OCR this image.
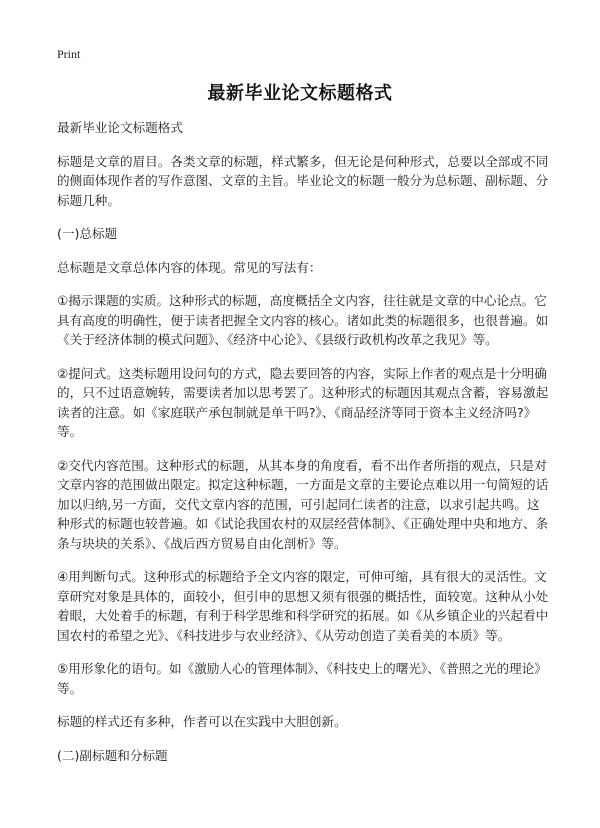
Print
最新毕业论文标题格式

最新毕业论文标题格式

标题是文章的眉目。各类文章的标题，样式繁多，但无论是何种形式，总要以全部或不同的侧面体现作者的写作意图、文章的主旨。毕业论文的标题一般分为总标题、副标题、分标题几种。

(一)总标题

总标题是文章总体内容的体现。常见的写法有：

①揭示课题的实质。这种形式的标题，高度概括全文内容，往往就是文章的中心论点。它具有高度的明确性，便于读者把握全文内容的核心。诸如此类的标题很多，也很普遍。如《关于经济体制的模式问题》、《经济中心论》、《县级行政机构改革之我见》等。

②提问式。这类标题用设问句的方式，隐去要回答的内容，实际上作者的观点是十分明确的，只不过语意婉转，需要读者加以思考罢了。这种形式的标题因其观点含蓄，容易激起读者的注意。如《家庭联产承包制就是单干吗?》、《商品经济等同于资本主义经济吗?》等。

②交代内容范围。这种形式的标题，从其本身的角度看，看不出作者所指的观点，只是对文章内容的范围做出限定。拟定这种标题，一方面是文章的主要论点难以用一句简短的话加以归纳,另一方面，交代文章内容的范围，可引起同仁读者的注意，以求引起共鸣。这种形式的标题也较普遍。如《试论我国农村的双层经营体制》、《正确处理中央和地方、条条与块块的关系》、《战后西方贸易自由化剖析》等。

④用判断句式。这种形式的标题给予全文内容的限定，可伸可缩，具有很大的灵活性。文章研究对象是具体的，面较小，但引申的思想又须有很强的概括性，面较宽。这种从小处着眼，大处着手的标题，有利于科学思维和科学研究的拓展。如《从乡镇企业的兴起看中国农村的希望之光》、《科技进步与农业经济》、《从劳动创造了美看美的本质》等。

⑤用形象化的语句。如《激励人心的管理体制》、《科技史上的曙光》、《普照之光的理论》等。

标题的样式还有多种，作者可以在实践中大胆创新。

(二)副标题和分标题
